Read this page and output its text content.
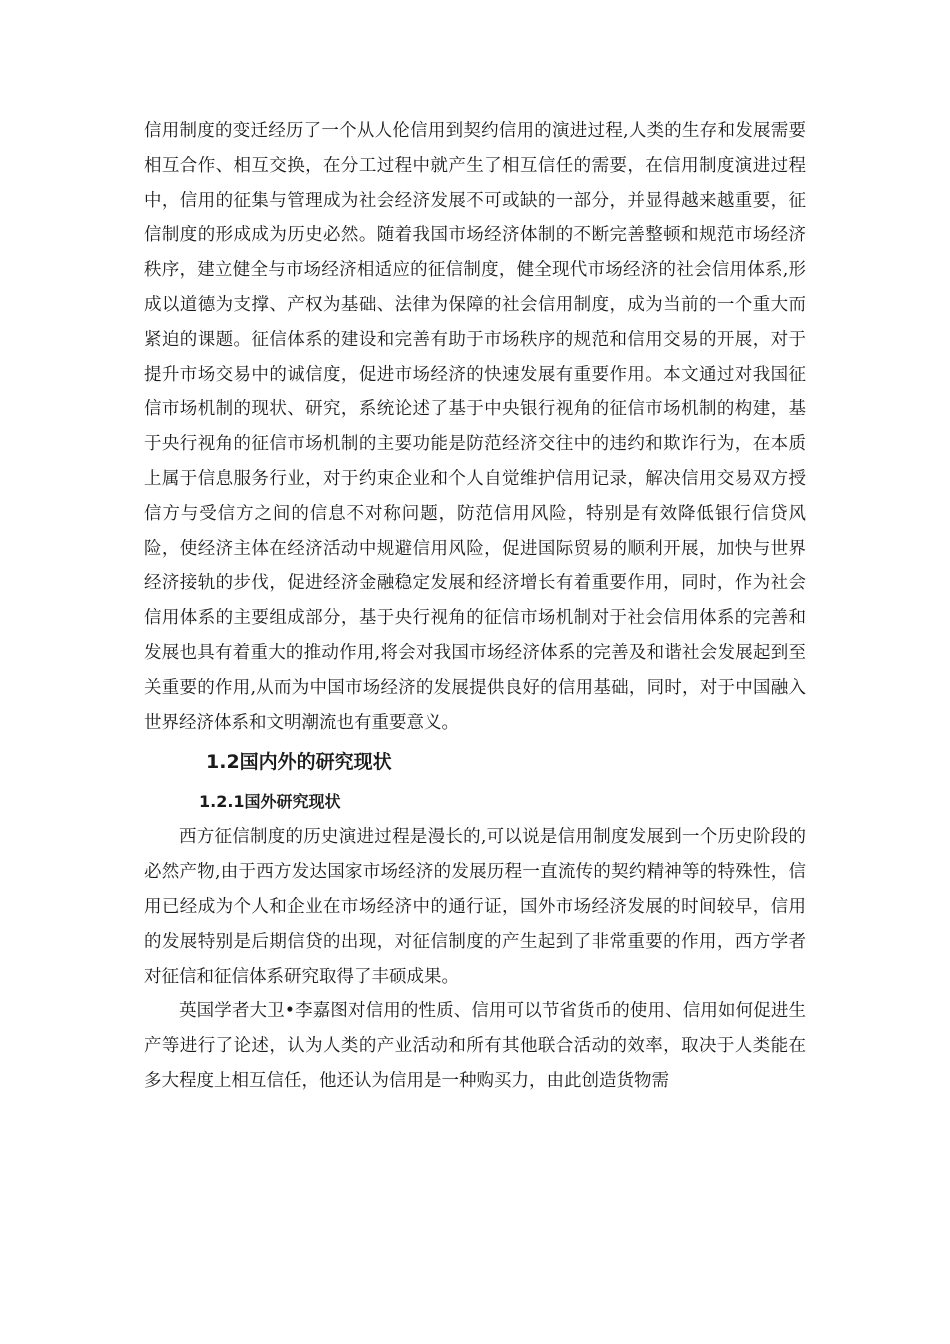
信用制度的变迁经历了一个从人伦信用到契约信用的演进过程,人类的生存和发展需要相互合作、相互交换，在分工过程中就产生了相互信任的需要，在信用制度演进过程中，信用的征集与管理成为社会经济发展不可或缺的一部分，并显得越来越重要，征信制度的形成成为历史必然。随着我国市场经济体制的不断完善整顿和规范市场经济秩序，建立健全与市场经济相适应的征信制度，健全现代市场经济的社会信用体系,形成以道德为支撑、产权为基础、法律为保障的社会信用制度，成为当前的一个重大而紧迫的课题。征信体系的建设和完善有助于市场秩序的规范和信用交易的开展，对于提升市场交易中的诚信度，促进市场经济的快速发展有重要作用。本文通过对我国征信市场机制的现状、研究，系统论述了基于中央银行视角的征信市场机制的构建，基于央行视角的征信市场机制的主要功能是防范经济交往中的违约和欺诈行为，在本质上属于信息服务行业，对于约束企业和个人自觉维护信用记录，解决信用交易双方授信方与受信方之间的信息不对称问题，防范信用风险，特别是有效降低银行信贷风险，使经济主体在经济活动中规避信用风险，促进国际贸易的顺利开展，加快与世界经济接轨的步伐，促进经济金融稳定发展和经济增长有着重要作用，同时，作为社会信用体系的主要组成部分，基于央行视角的征信市场机制对于社会信用体系的完善和发展也具有着重大的推动作用,将会对我国市场经济体系的完善及和谐社会发展起到至关重要的作用,从而为中国市场经济的发展提供良好的信用基础，同时，对于中国融入世界经济体系和文明潮流也有重要意义。

1.2国内外的研究现状
1.2.1国外研究现状

西方征信制度的历史演进过程是漫长的,可以说是信用制度发展到一个历史阶段的必然产物,由于西方发达国家市场经济的发展历程一直流传的契约精神等的特殊性，信用已经成为个人和企业在市场经济中的通行证，国外市场经济发展的时间较早，信用的发展特别是后期信贷的出现，对征信制度的产生起到了非常重要的作用，西方学者对征信和征信体系研究取得了丰硕成果。

英国学者大卫•李嘉图对信用的性质、信用可以节省货币的使用、信用如何促进生产等进行了论述，认为人类的产业活动和所有其他联合活动的效率，取决于人类能在多大程度上相互信任，他还认为信用是一种购买力，由此创造货物需
